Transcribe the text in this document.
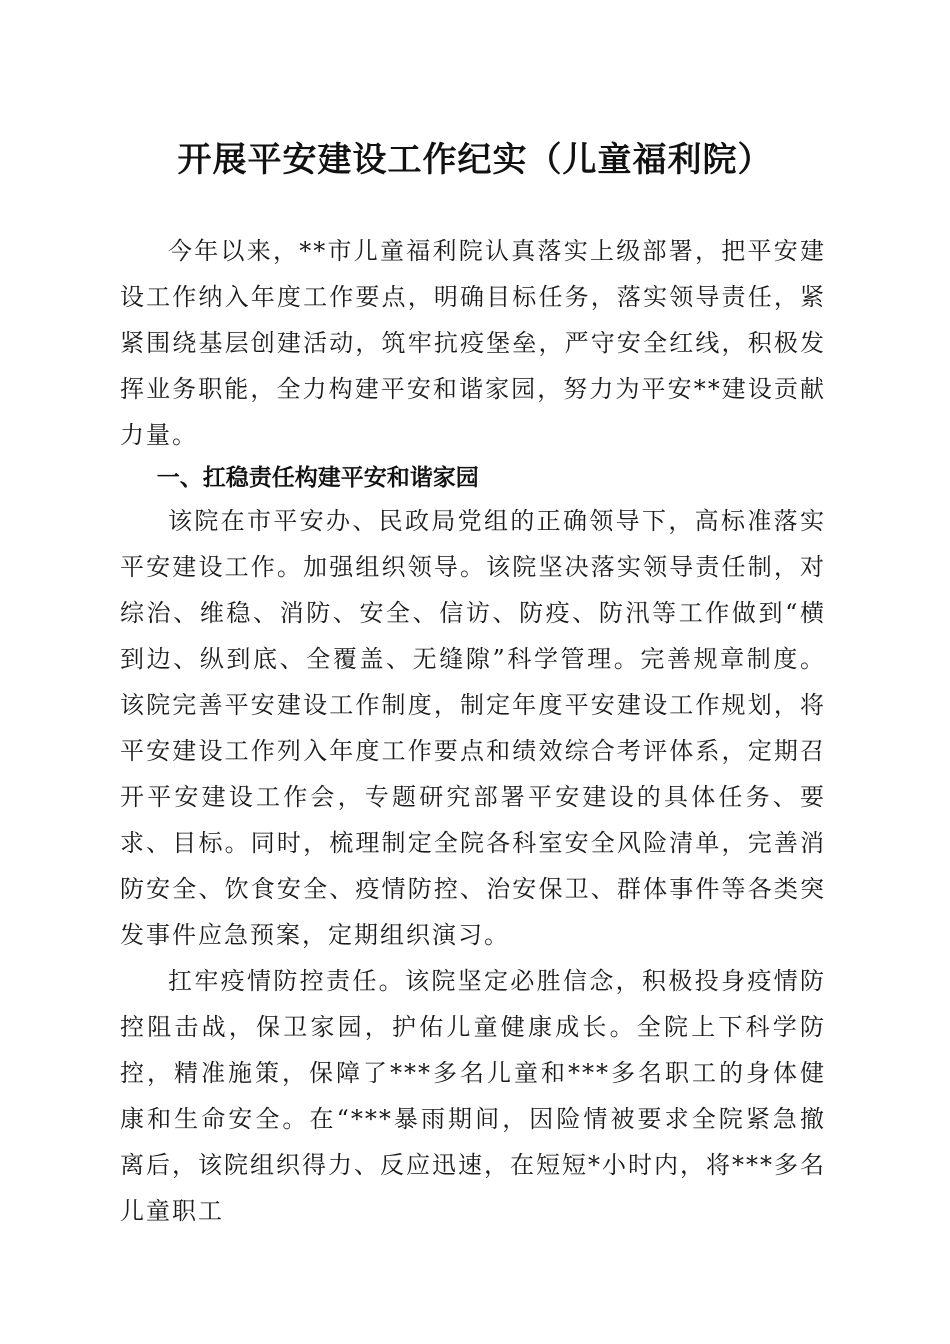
开展平安建设工作纪实（儿童福利院）

今年以来，**市儿童福利院认真落实上级部署，把平安建设工作纳入年度工作要点，明确目标任务，落实领导责任，紧紧围绕基层创建活动，筑牢抗疫堡垒，严守安全红线，积极发挥业务职能，全力构建平安和谐家园，努力为平安**建设贡献力量。

一、扛稳责任构建平安和谐家园

该院在市平安办、民政局党组的正确领导下，高标准落实平安建设工作。加强组织领导。该院坚决落实领导责任制，对综治、维稳、消防、安全、信访、防疫、防汛等工作做到“横到边、纵到底、全覆盖、无缝隙”科学管理。完善规章制度。该院完善平安建设工作制度，制定年度平安建设工作规划，将平安建设工作列入年度工作要点和绩效综合考评体系，定期召开平安建设工作会，专题研究部署平安建设的具体任务、要求、目标。同时，梳理制定全院各科室安全风险清单，完善消防安全、饮食安全、疫情防控、治安保卫、群体事件等各类突发事件应急预案，定期组织演习。

扛牢疫情防控责任。该院坚定必胜信念，积极投身疫情防控阻击战，保卫家园，护佑儿童健康成长。全院上下科学防控，精准施策，保障了***多名儿童和***多名职工的身体健康和生命安全。在“***暴雨期间，因险情被要求全院紧急撤离后，该院组织得力、反应迅速，在短短*小时内，将***多名儿童职工
